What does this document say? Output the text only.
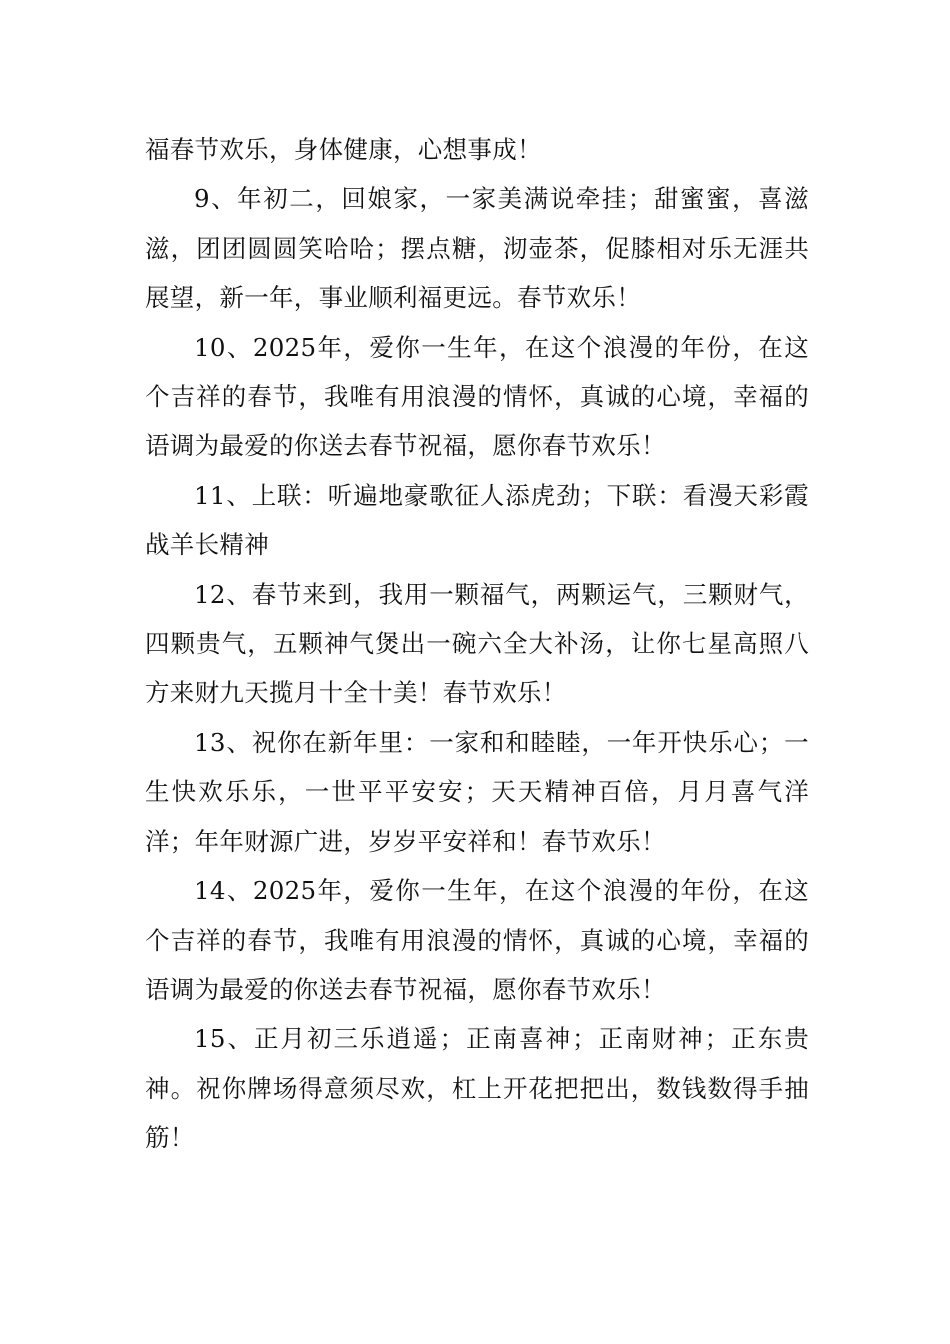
福春节欢乐，身体健康，心想事成！

9、年初二，回娘家，一家美满说牵挂；甜蜜蜜，喜滋滋，团团圆圆笑哈哈；摆点糖，沏壶茶，促膝相对乐无涯共展望，新一年，事业顺利福更远。春节欢乐！

10、2025年，爱你一生年，在这个浪漫的年份，在这个吉祥的春节，我唯有用浪漫的情怀，真诚的心境，幸福的语调为最爱的你送去春节祝福，愿你春节欢乐！

11、上联：听遍地豪歌征人添虎劲；下联：看漫天彩霞战羊长精神

12、春节来到，我用一颗福气，两颗运气，三颗财气，四颗贵气，五颗神气煲出一碗六全大补汤，让你七星高照八方来财九天揽月十全十美！春节欢乐！

13、祝你在新年里：一家和和睦睦，一年开快乐心；一生快欢乐乐，一世平平安安；天天精神百倍，月月喜气洋洋；年年财源广进，岁岁平安祥和！春节欢乐！

14、2025年，爱你一生年，在这个浪漫的年份，在这个吉祥的春节，我唯有用浪漫的情怀，真诚的心境，幸福的语调为最爱的你送去春节祝福，愿你春节欢乐！

15、正月初三乐逍遥；正南喜神；正南财神；正东贵神。祝你牌场得意须尽欢，杠上开花把把出，数钱数得手抽筋！
